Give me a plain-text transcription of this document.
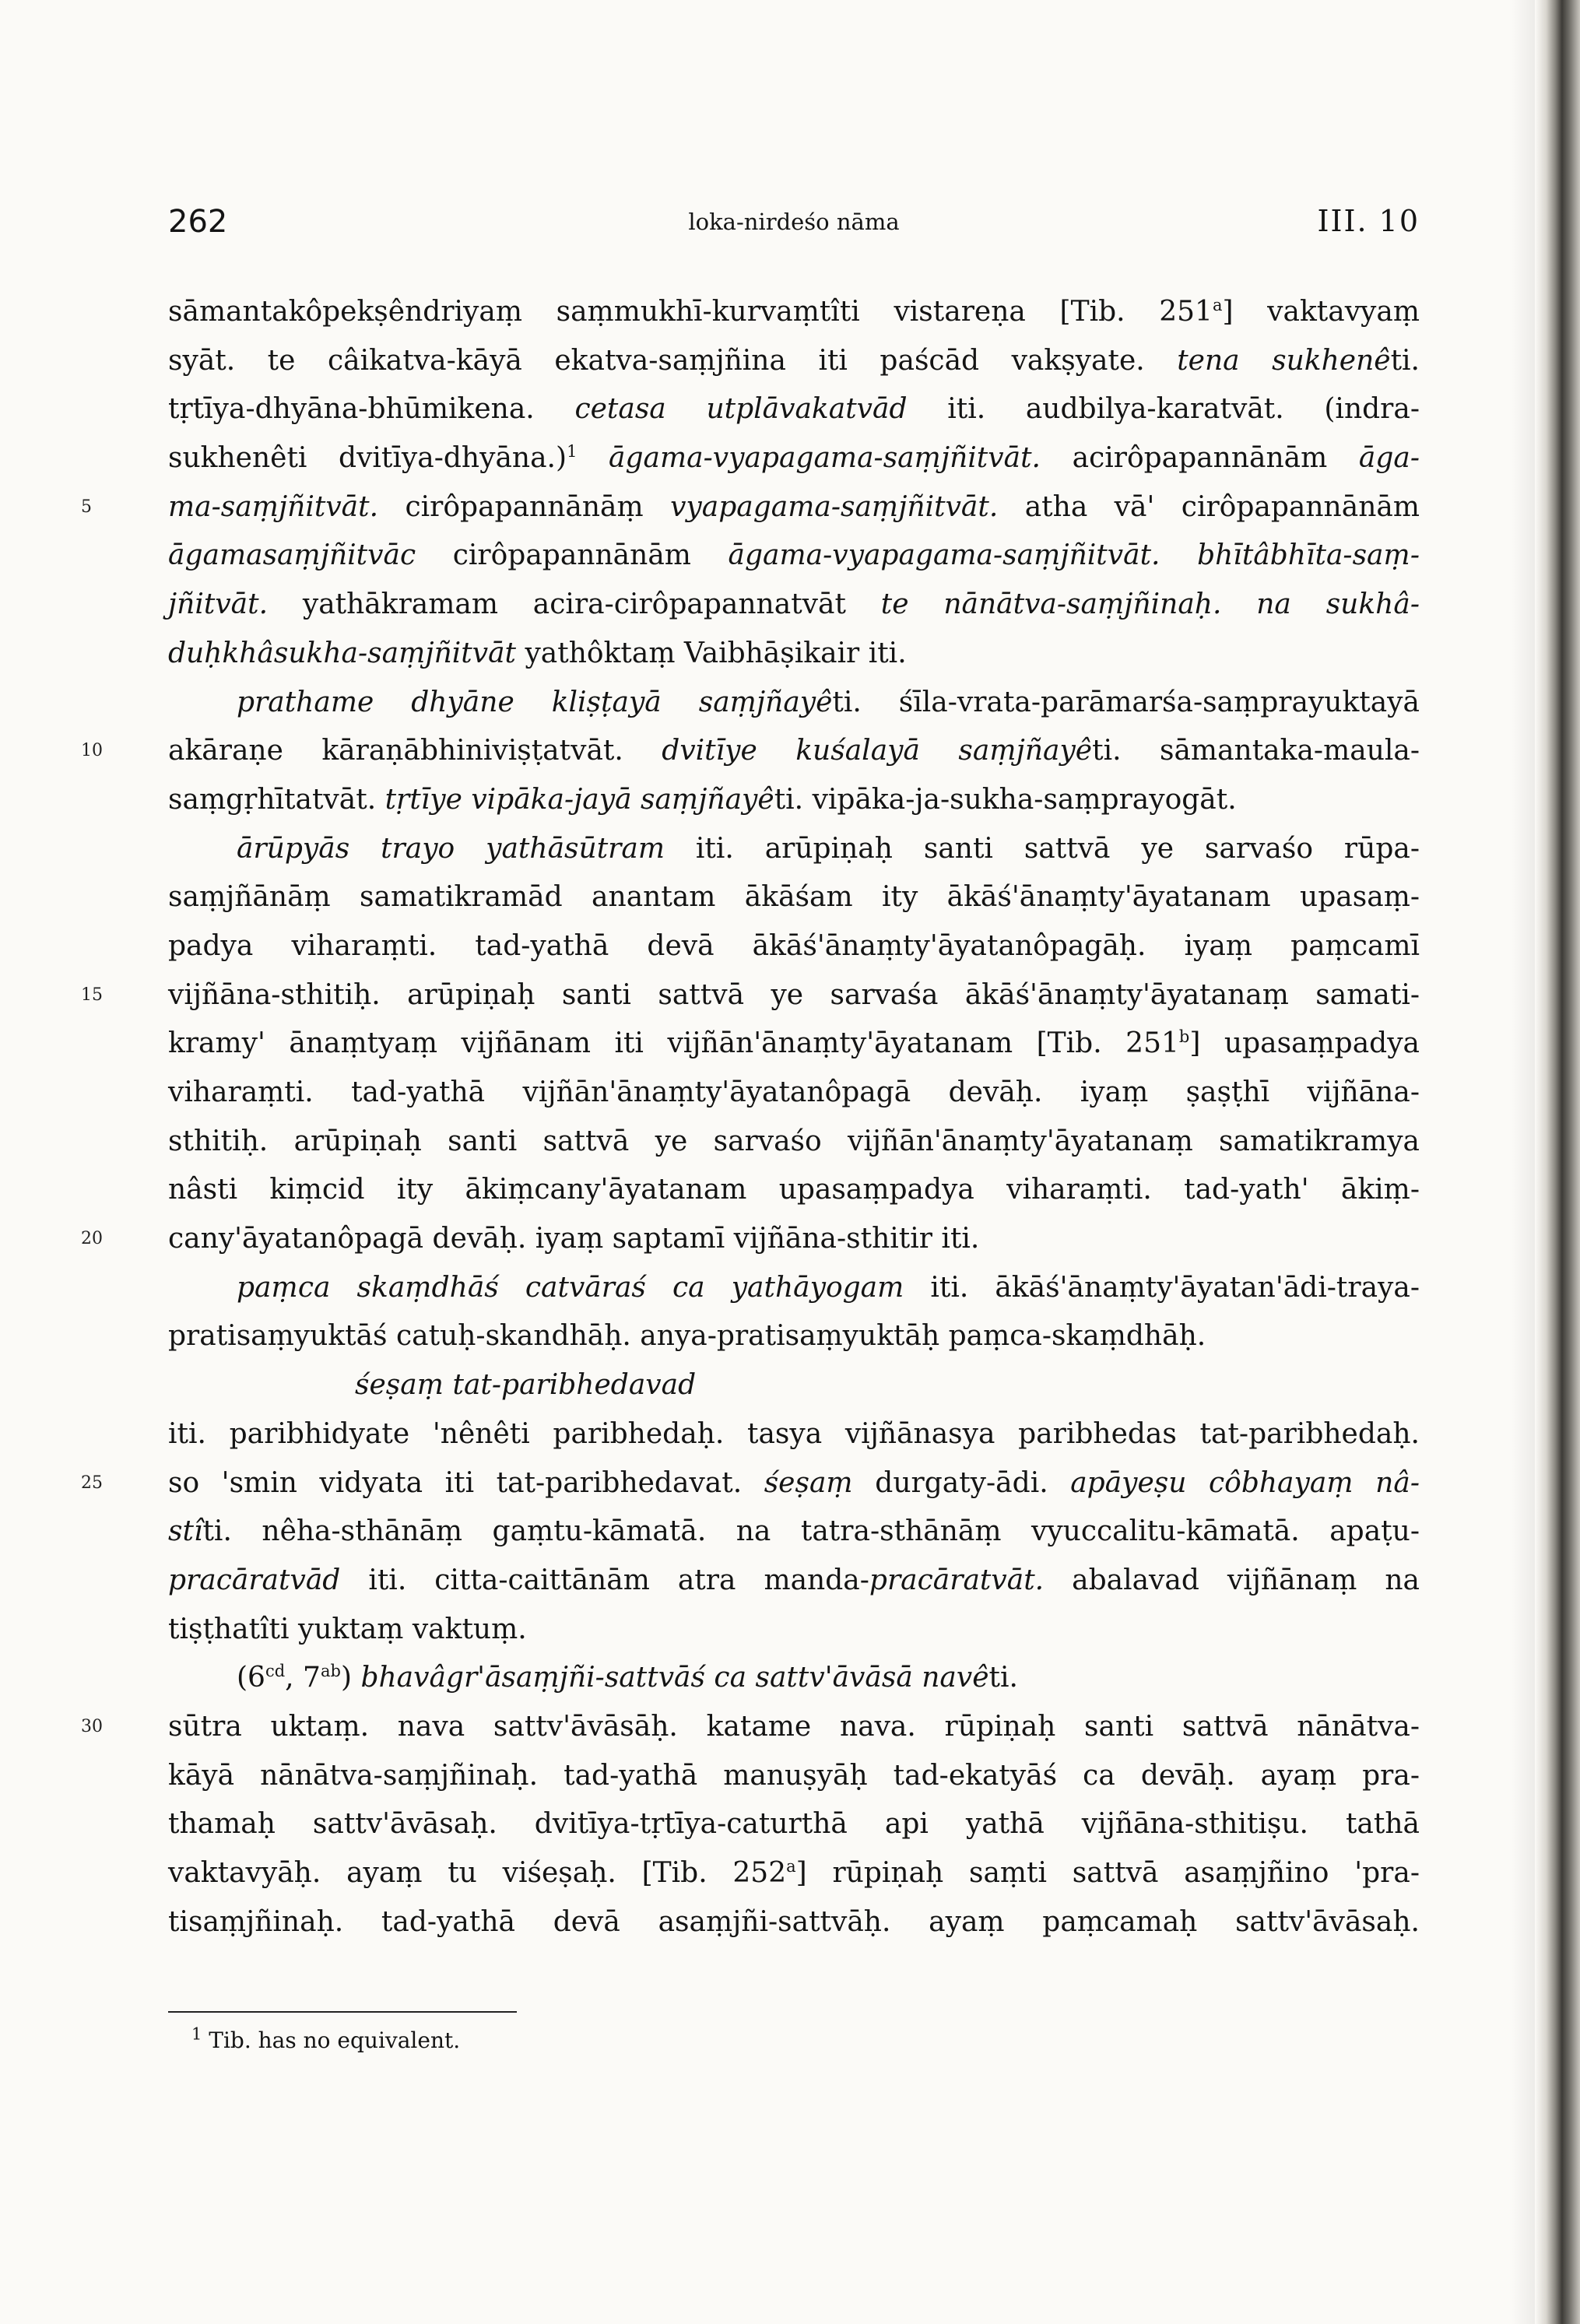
262	loka-nirdeśo nāma	III. 10
sāmantakôpekṣêndriyaṃ saṃmukhī-kurvaṃtîti vistareṇa [Tib. 251$^a$] vaktavyaṃ
syāt. te câikatva-kāyā ekatva-saṃjñina iti paścād vakṣyate. tena sukhenêti.
tṛtīya-dhyāna-bhūmikena. cetasa utplāvakatvād iti. audbilya-karatvāt. (indra-
sukhenêti dvitīya-dhyāna.)$^1$ āgama-vyapagama-saṃjñitvāt. acirôpapannānām āga-
5	ma-saṃjñitvāt. cirôpapannānāṃ vyapagama-saṃjñitvāt. atha vā' cirôpapannānām
āgamasaṃjñitvāc cirôpapannānām āgama-vyapagama-saṃjñitvāt. bhītâbhīta-saṃ-
jñitvāt. yathākramam acira-cirôpapannatvāt te nānātva-saṃjñinaḥ. na sukhâ-
duḥkhâsukha-saṃjñitvāt yathôktaṃ Vaibhāṣikair iti.
prathame dhyāne kliṣṭayā saṃjñayêti. śīla-vrata-parāmarśa-saṃprayuktayā
10	akāraṇe kāraṇābhiniviṣṭatvāt. dvitīye kuśalayā saṃjñayêti. sāmantaka-maula-
saṃgṛhītatvāt. tṛtīye vipāka-jayā saṃjñayêti. vipāka-ja-sukha-saṃprayogāt.
ārūpyās trayo yathāsūtram iti. arūpiṇaḥ santi sattvā ye sarvaśo rūpa-
saṃjñānāṃ samatikramād anantam ākāśam ity ākāś'ānaṃty'āyatanam upasaṃ-
padya viharaṃti. tad-yathā devā ākāś'ānaṃty'āyatanôpagāḥ. iyaṃ paṃcamī
15	vijñāna-sthitiḥ. arūpiṇaḥ santi sattvā ye sarvaśa ākāś'ānaṃty'āyatanaṃ samati-
kramy' ānaṃtyaṃ vijñānam iti vijñān'ānaṃty'āyatanam [Tib. 251$^b$] upasaṃpadya
viharaṃti. tad-yathā vijñān'ānaṃty'āyatanôpagā devāḥ. iyaṃ ṣaṣṭhī vijñāna-
sthitiḥ. arūpiṇaḥ santi sattvā ye sarvaśo vijñān'ānaṃty'āyatanaṃ samatikramya
nâsti kiṃcid ity ākiṃcany'āyatanam upasaṃpadya viharaṃti. tad-yath' ākiṃ-
20	cany'āyatanôpagā devāḥ. iyaṃ saptamī vijñāna-sthitir iti.
paṃca skaṃdhāś catvāraś ca yathāyogam iti. ākāś'ānaṃty'āyatan'ādi-traya-
pratisaṃyuktāś catuḥ-skandhāḥ. anya-pratisaṃyuktāḥ paṃca-skaṃdhāḥ.
śeṣaṃ tat-paribhedavad
iti. paribhidyate 'nênêti paribhedaḥ. tasya vijñānasya paribhedas tat-paribhedaḥ.
25	so 'smin vidyata iti tat-paribhedavat. śeṣaṃ durgaty-ādi. apāyeṣu côbhayaṃ nâ-
stîti. nêha-sthānāṃ gaṃtu-kāmatā. na tatra-sthānāṃ vyuccalitu-kāmatā. apaṭu-
pracāratvād iti. citta-caittānām atra manda-pracāratvāt. abalavad vijñānaṃ na
tiṣṭhatîti yuktaṃ vaktuṃ.
($6^{cd}$, $7^{ab}$) bhavâgr'āsaṃjñi-sattvāś ca sattv'āvāsā navêti.
30	sūtra uktaṃ. nava sattv'āvāsāḥ. katame nava. rūpiṇaḥ santi sattvā nānātva-
kāyā nānātva-saṃjñinaḥ. tad-yathā manuṣyāḥ tad-ekatyāś ca devāḥ. ayaṃ pra-
thamaḥ sattv'āvāsaḥ. dvitīya-tṛtīya-caturthā api yathā vijñāna-sthitiṣu. tathā
vaktavyāḥ. ayaṃ tu viśeṣaḥ. [Tib. 252$^a$] rūpiṇaḥ saṃti sattvā asaṃjñino 'pra-
tisaṃjñinaḥ. tad-yathā devā asaṃjñi-sattvāḥ. ayaṃ paṃcamaḥ sattv'āvāsaḥ.
$^1$ Tib. has no equivalent.
